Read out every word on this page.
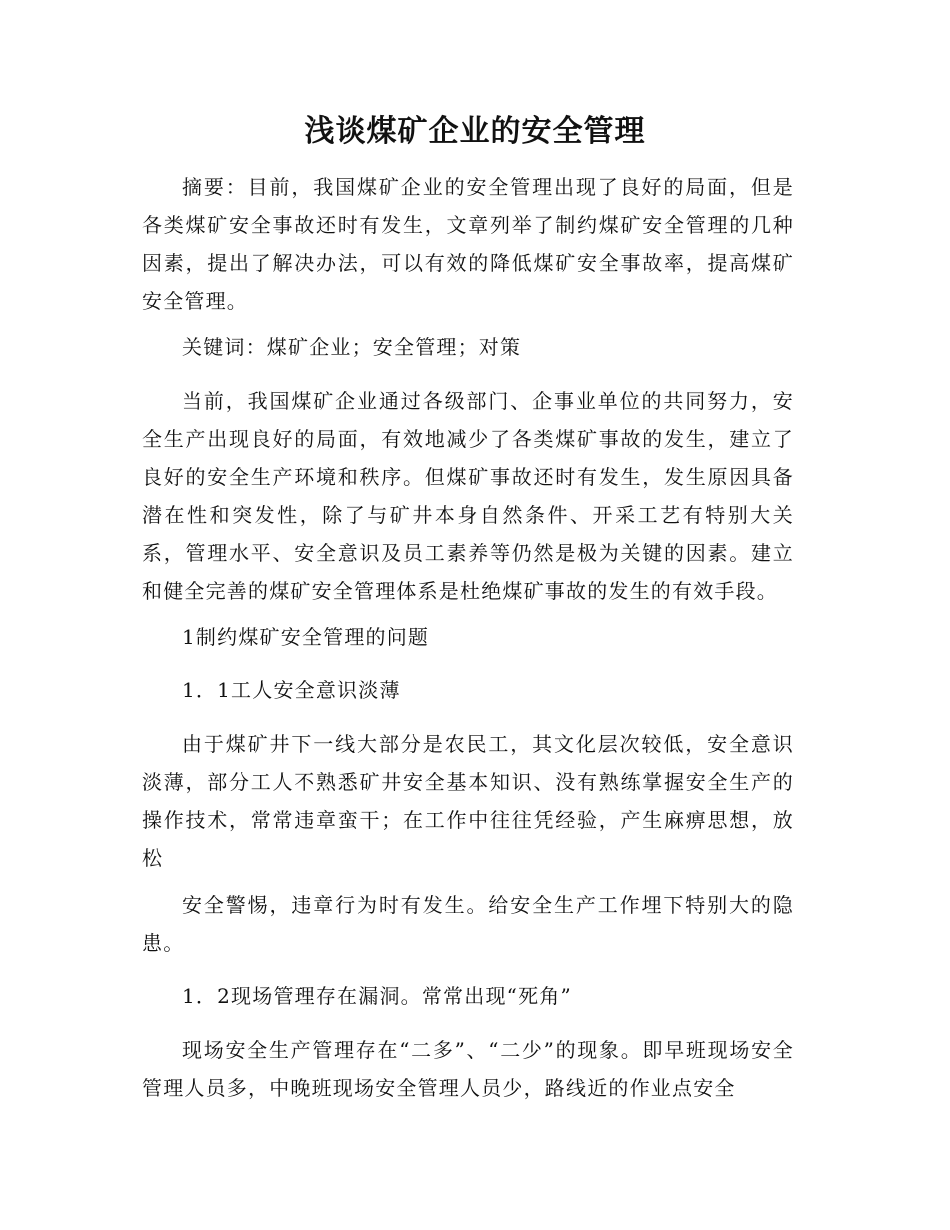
浅谈煤矿企业的安全管理

摘要：目前，我国煤矿企业的安全管理出现了良好的局面，但是各类煤矿安全事故还时有发生，文章列举了制约煤矿安全管理的几种因素，提出了解决办法，可以有效的降低煤矿安全事故率，提高煤矿安全管理。

关键词：煤矿企业；安全管理；对策

当前，我国煤矿企业通过各级部门、企事业单位的共同努力，安全生产出现良好的局面，有效地减少了各类煤矿事故的发生，建立了良好的安全生产环境和秩序。但煤矿事故还时有发生，发生原因具备潜在性和突发性，除了与矿井本身自然条件、开采工艺有特别大关系，管理水平、安全意识及员工素养等仍然是极为关键的因素。建立和健全完善的煤矿安全管理体系是杜绝煤矿事故的发生的有效手段。

1制约煤矿安全管理的问题

1．1工人安全意识淡薄

由于煤矿井下一线大部分是农民工，其文化层次较低，安全意识淡薄，部分工人不熟悉矿井安全基本知识、没有熟练掌握安全生产的操作技术，常常违章蛮干；在工作中往往凭经验，产生麻痹思想，放松

安全警惕，违章行为时有发生。给安全生产工作埋下特别大的隐患。

1．2现场管理存在漏洞。常常出现“死角”

现场安全生产管理存在“二多”、“二少”的现象。即早班现场安全管理人员多，中晚班现场安全管理人员少，路线近的作业点安全
